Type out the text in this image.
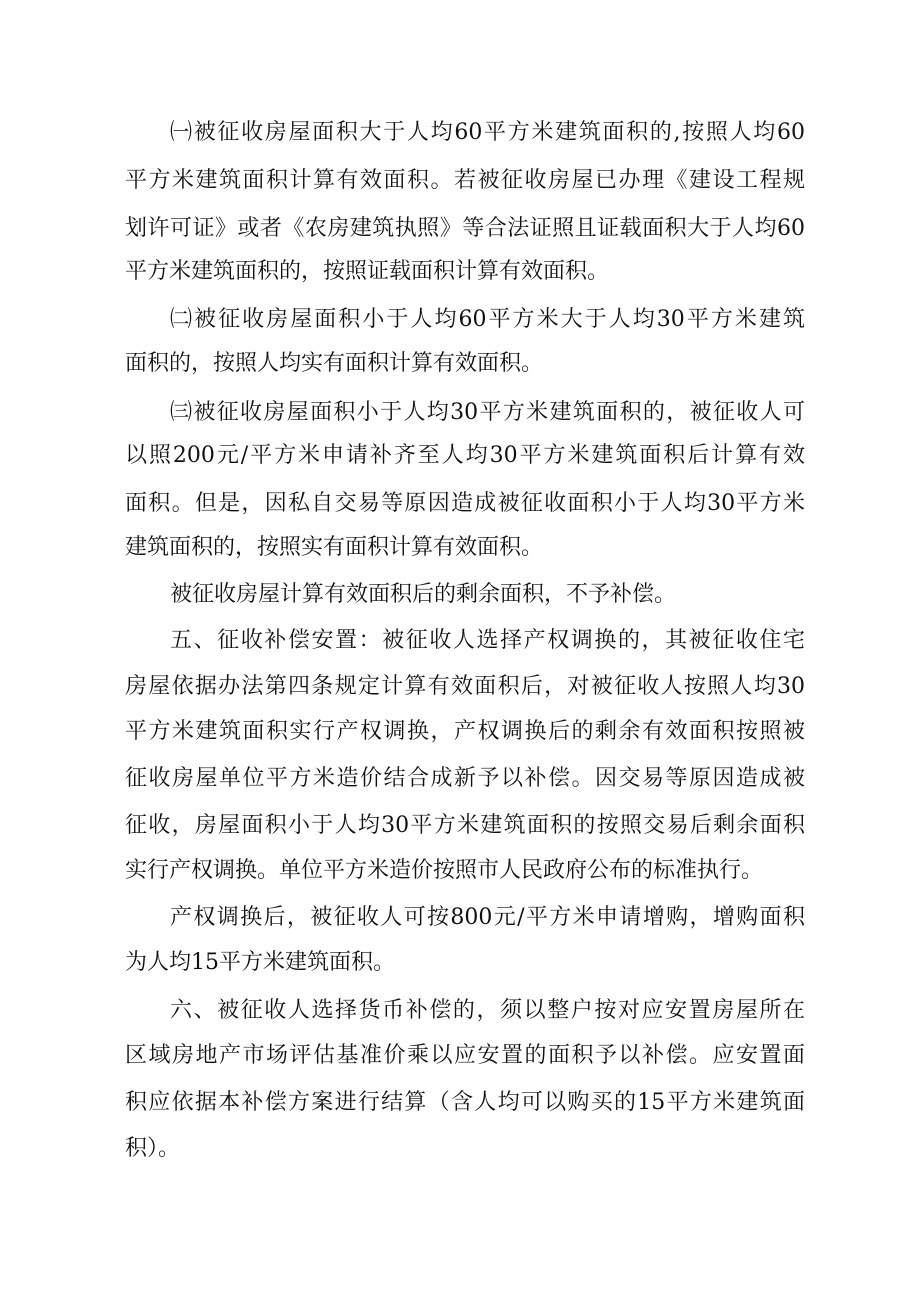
㈠被征收房屋面积大于人均60平方米建筑面积的,按照人均60
平方米建筑面积计算有效面积。若被征收房屋已办理《建设工程规
划许可证》或者《农房建筑执照》等合法证照且证载面积大于人均60
平方米建筑面积的，按照证载面积计算有效面积。
㈡被征收房屋面积小于人均60平方米大于人均30平方米建筑
面积的，按照人均实有面积计算有效面积。
㈢被征收房屋面积小于人均30平方米建筑面积的，被征收人可
以照200元/平方米申请补齐至人均30平方米建筑面积后计算有效
面积。但是，因私自交易等原因造成被征收面积小于人均30平方米
建筑面积的，按照实有面积计算有效面积。
被征收房屋计算有效面积后的剩余面积，不予补偿。
五、征收补偿安置：被征收人选择产权调换的，其被征收住宅
房屋依据办法第四条规定计算有效面积后，对被征收人按照人均30
平方米建筑面积实行产权调换，产权调换后的剩余有效面积按照被
征收房屋单位平方米造价结合成新予以补偿。因交易等原因造成被
征收，房屋面积小于人均30平方米建筑面积的按照交易后剩余面积
实行产权调换。单位平方米造价按照市人民政府公布的标准执行。
产权调换后，被征收人可按800元/平方米申请增购，增购面积
为人均15平方米建筑面积。
六、被征收人选择货币补偿的，须以整户按对应安置房屋所在
区域房地产市场评估基准价乘以应安置的面积予以补偿。应安置面
积应依据本补偿方案进行结算（含人均可以购买的15平方米建筑面
积）。
